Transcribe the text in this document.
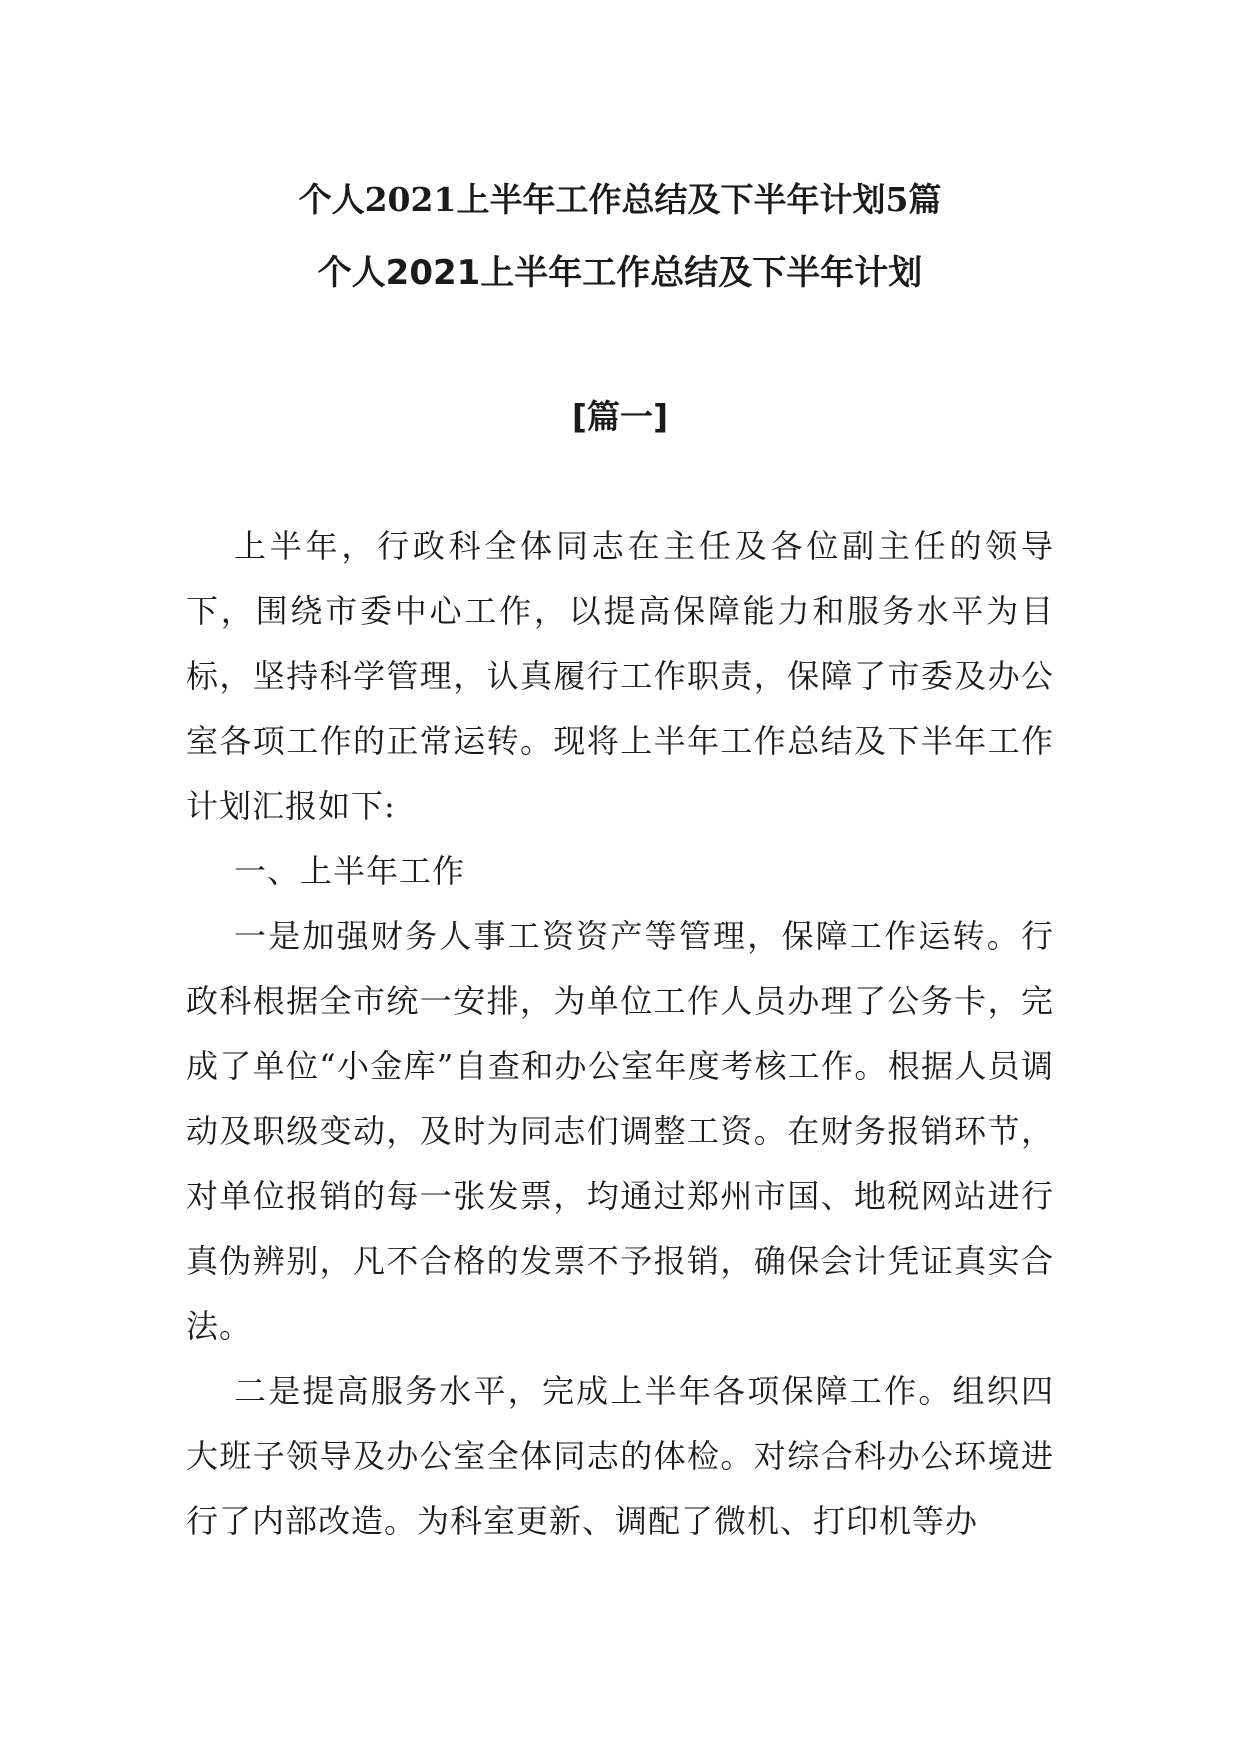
个人2021上半年工作总结及下半年计划5篇
个人2021上半年工作总结及下半年计划
[篇一]

上半年，行政科全体同志在主任及各位副主任的领导下，围绕市委中心工作，以提高保障能力和服务水平为目标，坚持科学管理，认真履行工作职责，保障了市委及办公室各项工作的正常运转。现将上半年工作总结及下半年工作计划汇报如下:

一、上半年工作

一是加强财务人事工资资产等管理，保障工作运转。行政科根据全市统一安排，为单位工作人员办理了公务卡，完成了单位“小金库”自查和办公室年度考核工作。根据人员调动及职级变动，及时为同志们调整工资。在财务报销环节，对单位报销的每一张发票，均通过郑州市国、地税网站进行真伪辨别，凡不合格的发票不予报销，确保会计凭证真实合法。

二是提高服务水平，完成上半年各项保障工作。组织四大班子领导及办公室全体同志的体检。对综合科办公环境进行了内部改造。为科室更新、调配了微机、打印机等办
